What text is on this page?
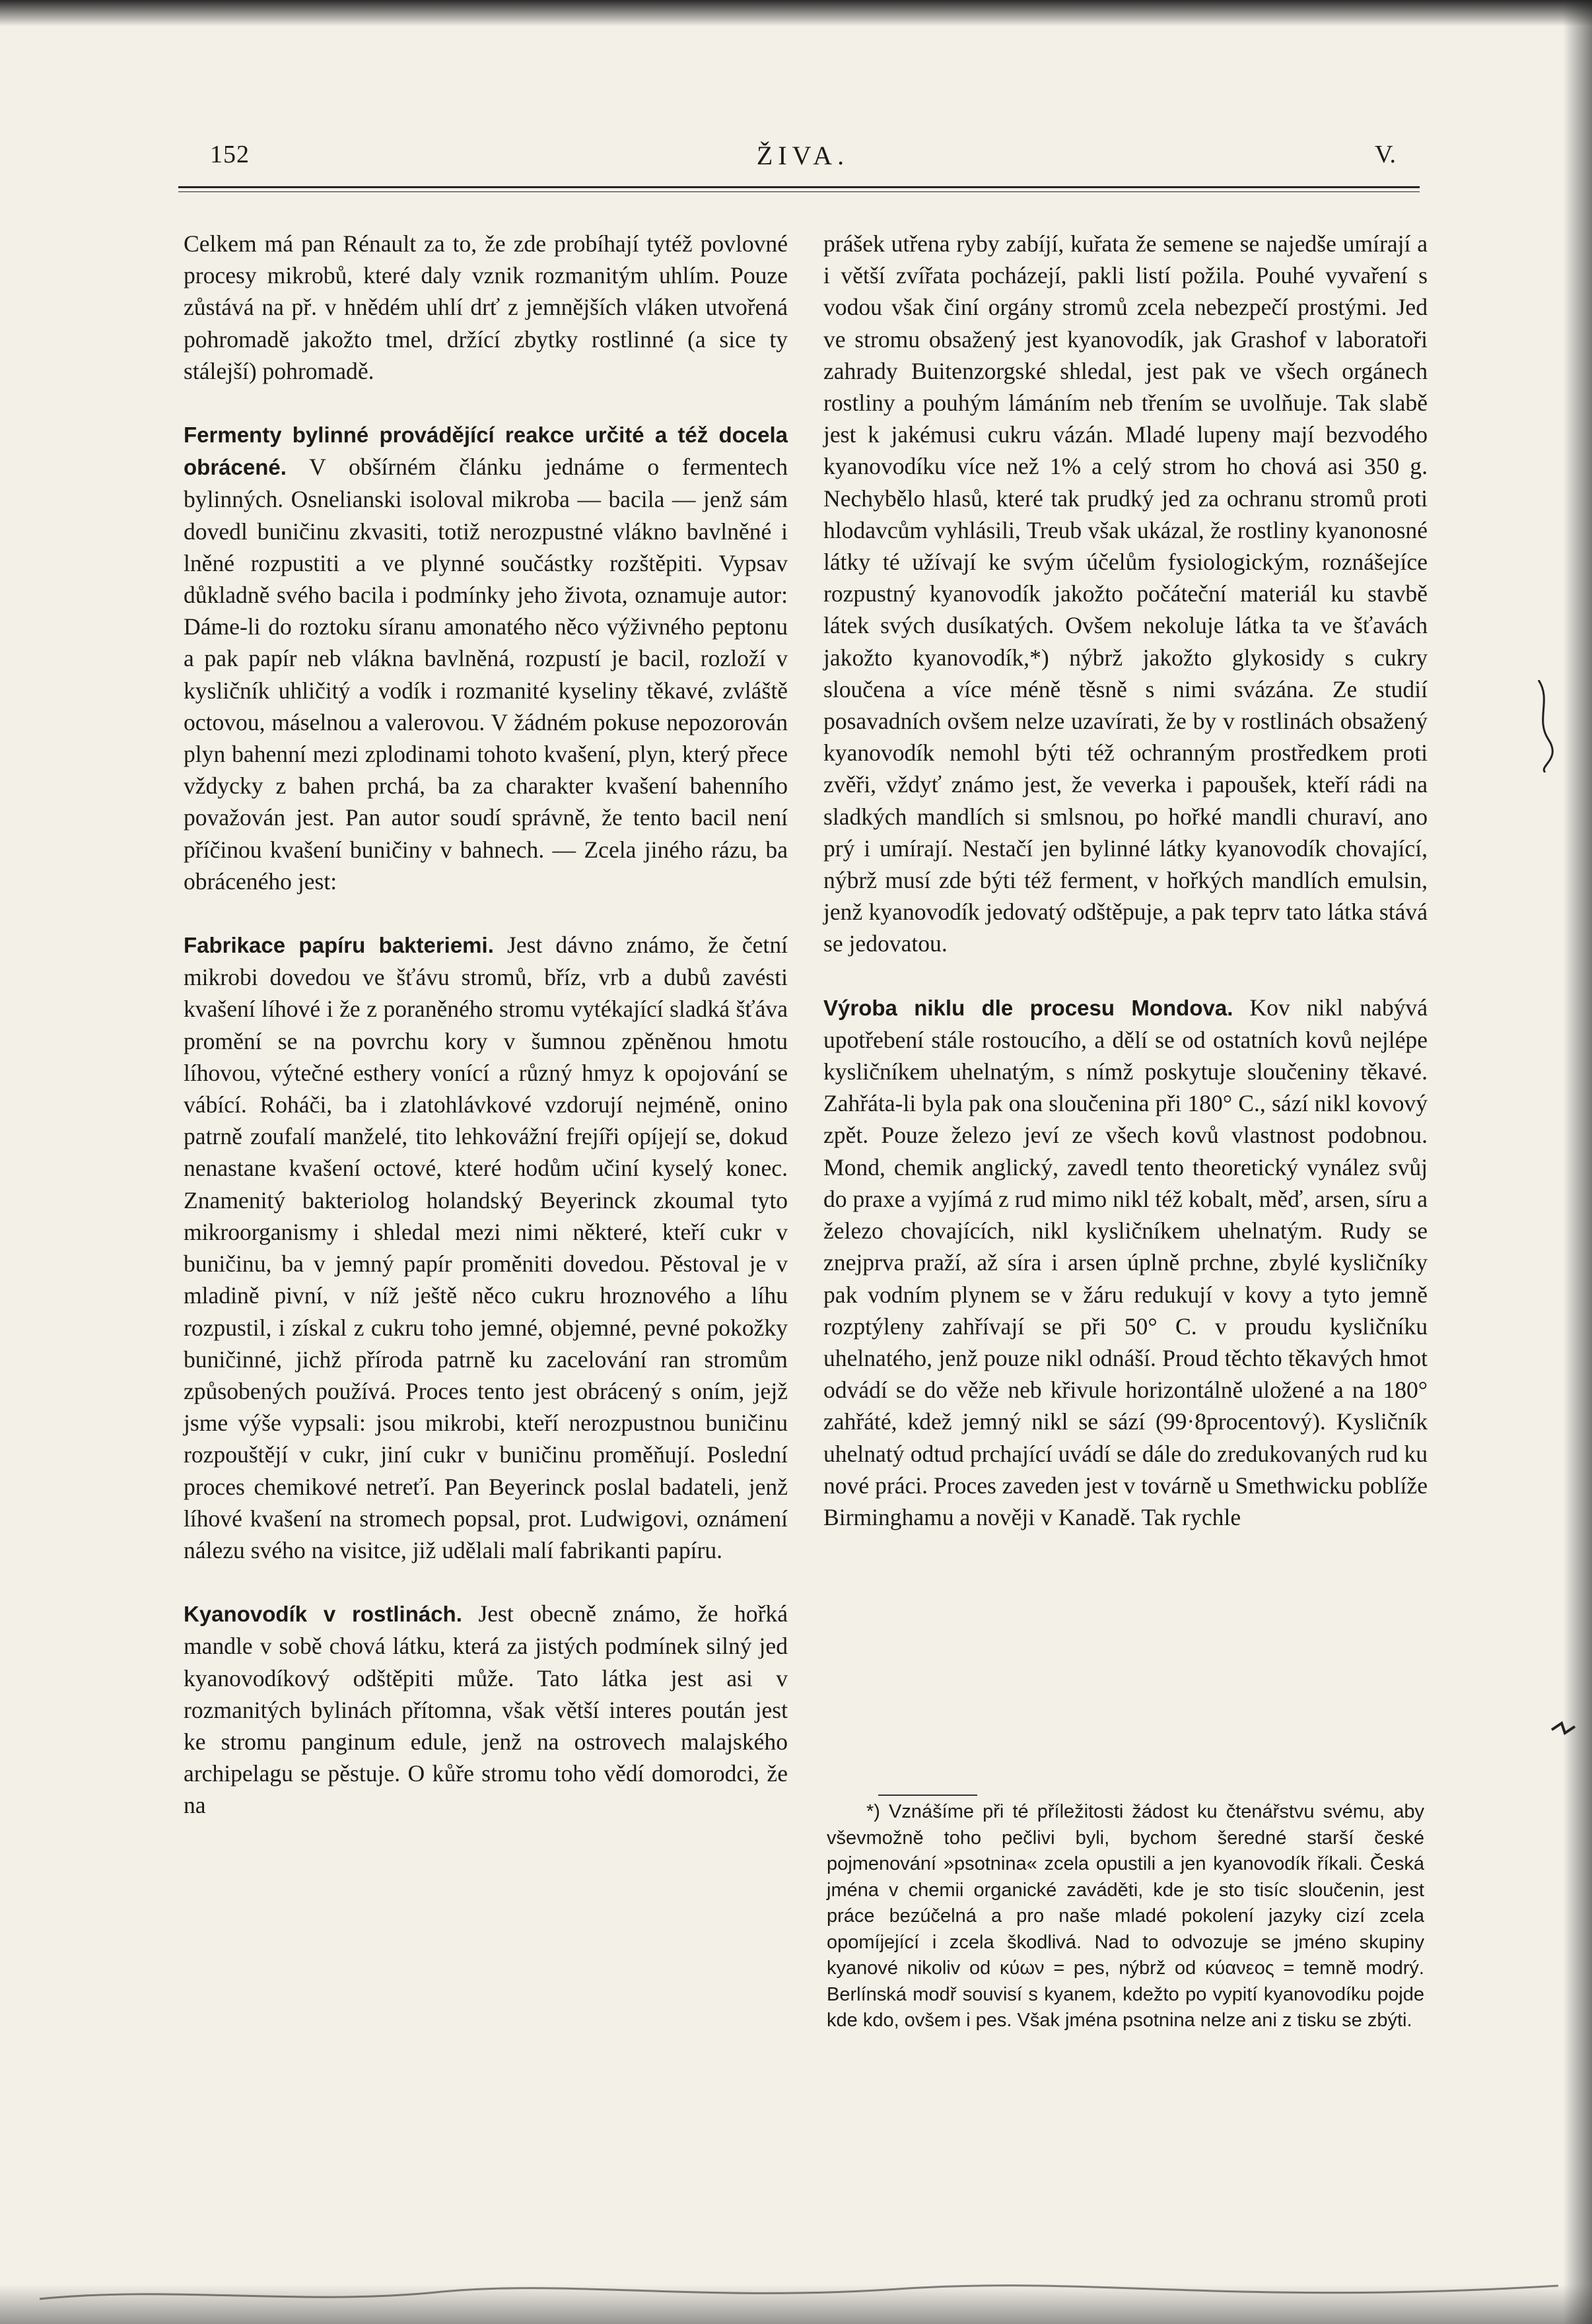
152	ŽIVA.	V.

Celkem má pan Rénault za to, že zde probíhají tytéž povlovné procesy mikrobů, které daly vznik rozmanitým uhlím. Pouze zůstává na př. v hnědém uhlí drť z jemnějších vláken utvořená pohromadě jakožto tmel, držící zbytky rostlinné (a sice ty stálejší) pohromadě.

Fermenty bylinné provádějící reakce určité a též docela obrácené. V obšírném článku jednáme o fermentech bylinných. Osnelianski isoloval mikroba — bacila — jenž sám dovedl buničinu zkvasiti, totiž nerozpustné vlákno bavlněné i lněné rozpustiti a ve plynné součástky rozštěpiti. Vypsav důkladně svého bacila i podmínky jeho života, oznamuje autor: Dáme-li do roztoku síranu amonatého něco výživného peptonu a pak papír neb vlákna bavlněná, rozpustí je bacil, rozloží v kysličník uhličitý a vodík i rozmanité kyseliny těkavé, zvláště octovou, máselnou a valerovou. V žádném pokuse nepozorován plyn bahenní mezi zplodinami tohoto kvašení, plyn, který přece vždycky z bahen prchá, ba za charakter kvašení bahenního považován jest. Pan autor soudí správně, že tento bacil není příčinou kvašení buničiny v bahnech. — Zcela jiného rázu, ba obráceného jest:

Fabrikace papíru bakteriemi. Jest dávno známo, že četní mikrobi dovedou ve šťávu stromů, bříz, vrb a dubů zavésti kvašení líhové i že z poraněného stromu vytékající sladká šťáva promění se na povrchu kory v šumnou zpěněnou hmotu líhovou, výtečné esthery vonící a různý hmyz k opojování se vábící. Roháči, ba i zlatohlávkové vzdorují nejméně, onino patrně zoufalí manželé, tito lehkovážní frejíři opíjejí se, dokud nenastane kvašení octové, které hodům učiní kyselý konec. Znamenitý bakteriolog holandský Beyerinck zkoumal tyto mikroorganismy i shledal mezi nimi některé, kteří cukr v buničinu, ba v jemný papír proměniti dovedou. Pěstoval je v mladině pivní, v níž ještě něco cukru hroznového a líhu rozpustil, i získal z cukru toho jemné, objemné, pevné pokožky buničinné, jichž příroda patrně ku zacelování ran stromům způsobených používá. Proces tento jest obrácený s oním, jejž jsme výše vypsali: jsou mikrobi, kteří nerozpustnou buničinu rozpouštějí v cukr, jiní cukr v buničinu proměňují. Poslední proces chemikové netreťí. Pan Beyerinck poslal badateli, jenž líhové kvašení na stromech popsal, prot. Ludwigovi, oznámení nálezu svého na visitce, již udělali malí fabrikanti papíru.

Kyanovodík v rostlinách. Jest obecně známo, že hořká mandle v sobě chová látku, která za jistých podmínek silný jed kyanovodíkový odštěpiti může. Tato látka jest asi v rozmanitých bylinách přítomna, však větší interes poután jest ke stromu panginum edule, jenž na ostrovech malajského archipelagu se pěstuje. O kůře stromu toho vědí domorodci, že na

prášek utřena ryby zabíjí, kuřata že semene se najedše umírají a i větší zvířata pocházejí, pakli listí požila. Pouhé vyvaření s vodou však činí orgány stromů zcela nebezpečí prostými. Jed ve stromu obsažený jest kyanovodík, jak Grashof v laboratoři zahrady Buitenzorgské shledal, jest pak ve všech orgánech rostliny a pouhým lámáním neb třením se uvolňuje. Tak slabě jest k jakémusi cukru vázán. Mladé lupeny mají bezvodého kyanovodíku více než 1% a celý strom ho chová asi 350 g. Nechybělo hlasů, které tak prudký jed za ochranu stromů proti hlodavcům vyhlásili, Treub však ukázal, že rostliny kyanonosné látky té užívají ke svým účelům fysiologickým, roznášejíce rozpustný kyanovodík jakožto počáteční materiál ku stavbě látek svých dusíkatých. Ovšem nekoluje látka ta ve šťavách jakožto kyanovodík,*) nýbrž jakožto glykosidy s cukry sloučena a více méně těsně s nimi svázána. Ze studií posavadních ovšem nelze uzavírati, že by v rostlinách obsažený kyanovodík nemohl býti též ochranným prostředkem proti zvěři, vždyť známo jest, že veverka i papoušek, kteří rádi na sladkých mandlích si smlsnou, po hořké mandli churaví, ano prý i umírají. Nestačí jen bylinné látky kyanovodík chovající, nýbrž musí zde býti též ferment, v hořkých mandlích emulsin, jenž kyanovodík jedovatý odštěpuje, a pak teprv tato látka stává se jedovatou.

Výroba niklu dle procesu Mondova. Kov nikl nabývá upotřebení stále rostoucího, a dělí se od ostatních kovů nejlépe kysličníkem uhelnatým, s nímž poskytuje sloučeniny těkavé. Zahřáta-li byla pak ona sloučenina při 180° C., sází nikl kovový zpět. Pouze železo jeví ze všech kovů vlastnost podobnou. Mond, chemik anglický, zavedl tento theoretický vynález svůj do praxe a vyjímá z rud mimo nikl též kobalt, měď, arsen, síru a železo chovajících, nikl kysličníkem uhelnatým. Rudy se znejprva praží, až síra i arsen úplně prchne, zbylé kysličníky pak vodním plynem se v žáru redukují v kovy a tyto jemně rozptýleny zahřívají se při 50° C. v proudu kysličníku uhelnatého, jenž pouze nikl odnáší. Proud těchto těkavých hmot odvádí se do věže neb křivule horizontálně uložené a na 180° zahřáté, kdež jemný nikl se sází (99·8procentový). Kysličník uhelnatý odtud prchající uvádí se dále do zredukovaných rud ku nové práci. Proces zaveden jest v továrně u Smethwicku poblíže Birminghamu a nověji v Kanadě. Tak rychle

*) Vznášíme při té příležitosti žádost ku čtenářstvu svému, aby vševmožně toho pečlivi byli, bychom šeredné starší české pojmenování »psotnina« zcela opustili a jen kyanovodík říkali. Česká jména v chemii organické zaváděti, kde je sto tisíc sloučenin, jest práce bezúčelná a pro naše mladé pokolení jazyky cizí zcela opomíjející i zcela škodlivá. Nad to odvozuje se jméno skupiny kyanové nikoliv od κύων = pes, nýbrž od κύανεος = temně modrý. Berlínská modř souvisí s kyanem, kdežto po vypití kyanovodíku pojde kde kdo, ovšem i pes. Však jména psotnina nelze ani z tisku se zbýti.
